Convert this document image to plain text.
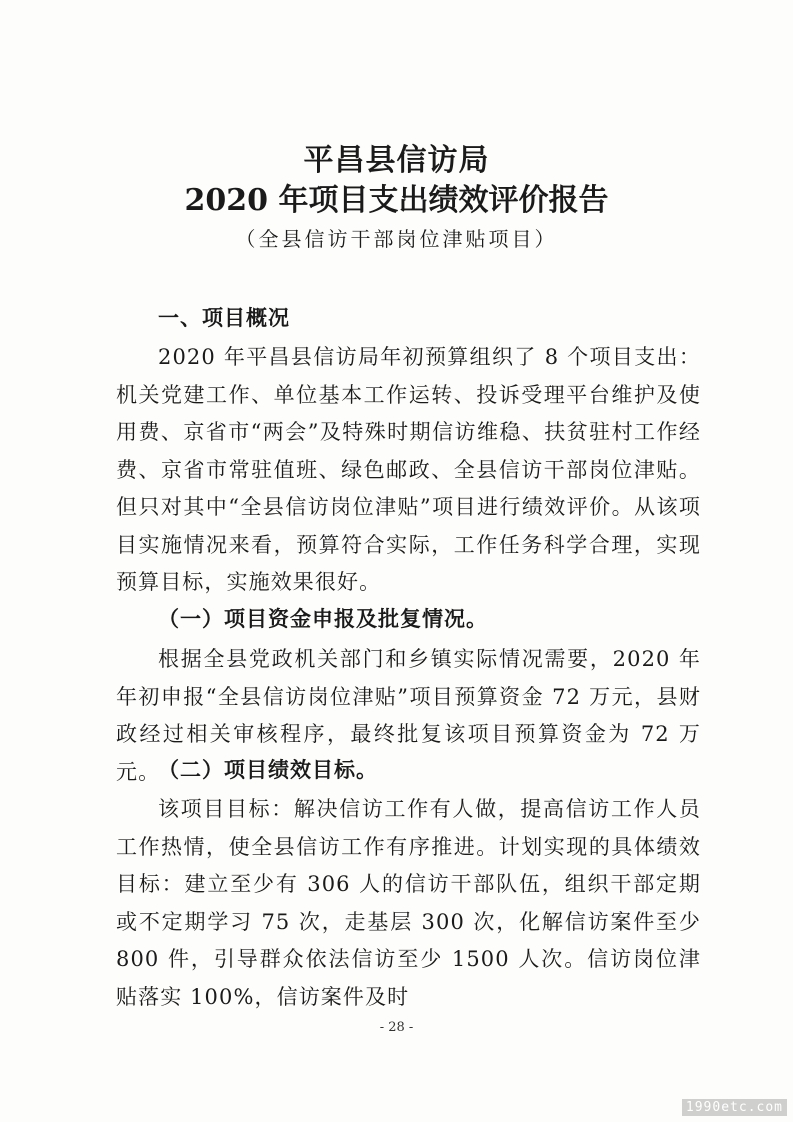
平昌县信访局
2020 年项目支出绩效评价报告
（全县信访干部岗位津贴项目）
一、项目概况

2020 年平昌县信访局年初预算组织了 8 个项目支出：机关党建工作、单位基本工作运转、投诉受理平台维护及使用费、京省市“两会”及特殊时期信访维稳、扶贫驻村工作经费、京省市常驻值班、绿色邮政、全县信访干部岗位津贴。但只对其中“全县信访岗位津贴”项目进行绩效评价。从该项目实施情况来看，预算符合实际，工作任务科学合理，实现预算目标，实施效果很好。

（一）项目资金申报及批复情况。

根据全县党政机关部门和乡镇实际情况需要，2020 年年初申报“全县信访岗位津贴”项目预算资金 72 万元，县财政经过相关审核程序，最终批复该项目预算资金为 72 万元。

（二）项目绩效目标。

该项目目标：解决信访工作有人做，提高信访工作人员工作热情，使全县信访工作有序推进。计划实现的具体绩效目标：建立至少有 306 人的信访干部队伍，组织干部定期或不定期学习 75 次，走基层 300 次，化解信访案件至少 800 件，引导群众依法信访至少 1500 人次。信访岗位津贴落实 100%，信访案件及时

- 28 -
1990etc.com
